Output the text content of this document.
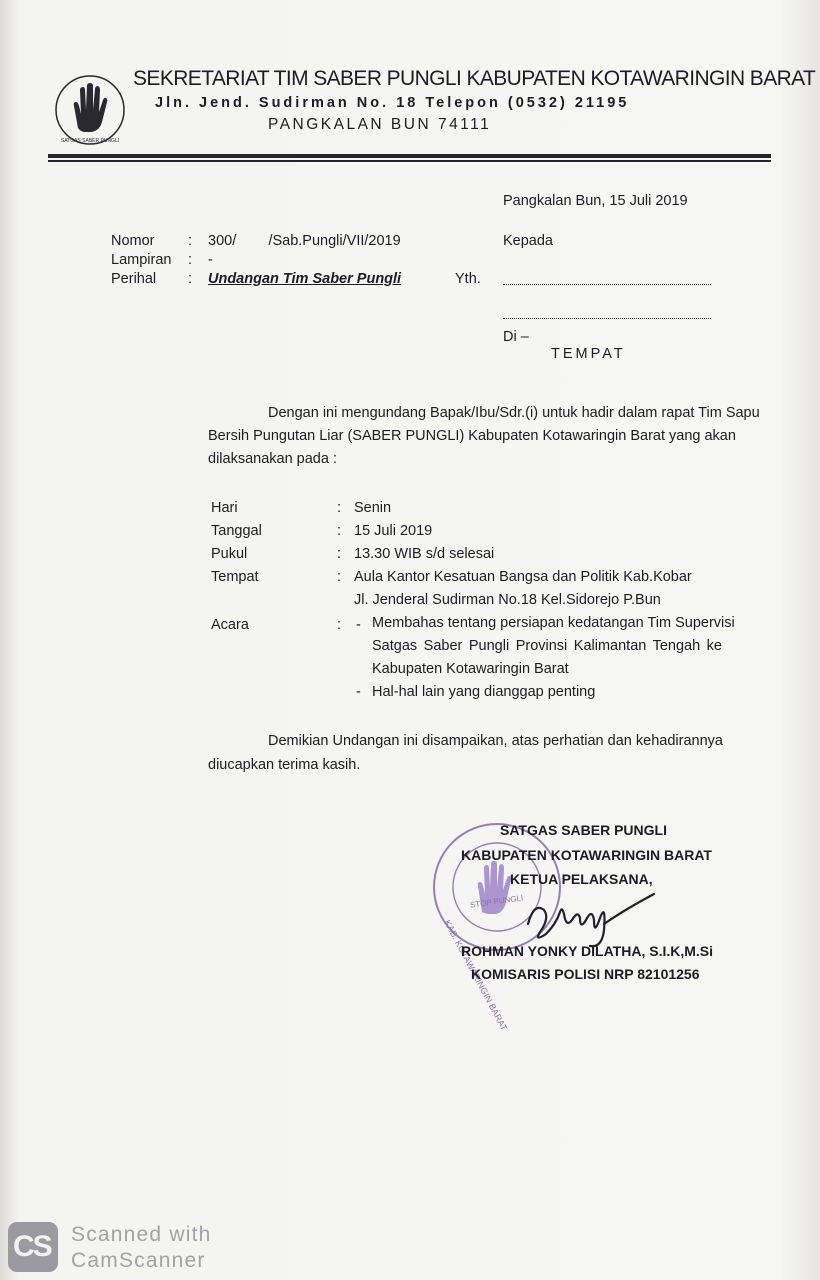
SATGAS SABER PUNGLI
SEKRETARIAT TIM SABER PUNGLI KABUPATEN KOTAWARINGIN BARAT
Jln. Jend. Sudirman No. 18 Telepon (0532) 21195
PANGKALAN BUN 74111
Pangkalan Bun, 15 Juli 2019
Nomor : 300/        /Sab.Pungli/VII/2019
Lampiran : -
Perihal : Undangan Tim Saber Pungli
Kepada
Yth.
Di –
TEMPAT
Dengan ini mengundang Bapak/Ibu/Sdr.(i) untuk hadir dalam rapat Tim Sapu
Bersih Pungutan Liar (SABER PUNGLI) Kabupaten Kotawaringin Barat yang akan
dilaksanakan pada :
Hari	: Senin
Tanggal	: 15 Juli 2019
Pukul	: 13.30 WIB s/d selesai
Tempat	: Aula Kantor Kesatuan Bangsa dan Politik Kab.Kobar
Jl. Jenderal Sudirman No.18 Kel.Sidorejo P.Bun
Acara	: - Membahas tentang persiapan kedatangan Tim Supervisi
Satgas Saber Pungli Provinsi Kalimantan Tengah ke
Kabupaten Kotawaringin Barat
- Hal-hal lain yang dianggap penting
Demikian Undangan ini disampaikan, atas perhatian dan kehadirannya
diucapkan terima kasih.
STOP PUNGLI
KAB. KOTAWARINGIN BARAT
SATGAS SABER PUNGLI
KABUPATEN KOTAWARINGIN BARAT
KETUA PELAKSANA,
ROHMAN YONKY DILATHA, S.I.K,M.Si
KOMISARIS POLISI NRP 82101256
CS Scanned with
CamScanner
